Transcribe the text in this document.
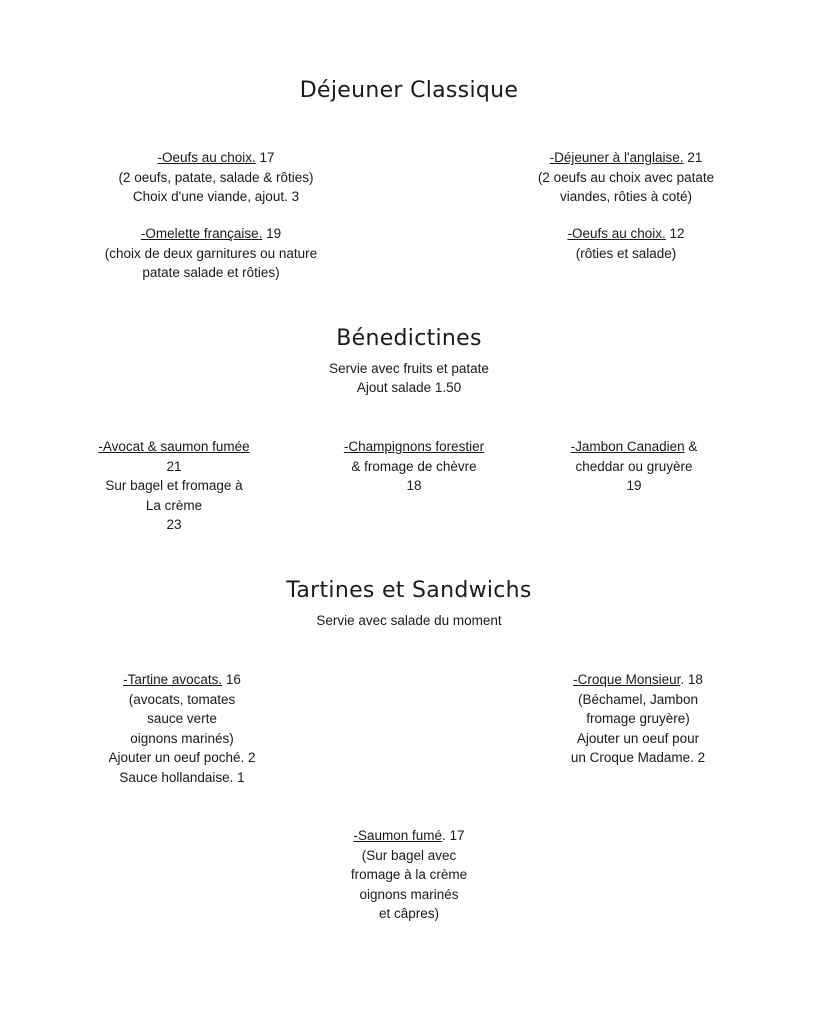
Déjeuner Classique
-Oeufs au choix. 17
(2 oeufs, patate, salade & rôties)
Choix d'une viande, ajout. 3
-Omelette française. 19
(choix de deux garnitures ou nature
patate salade et rôties)
-Déjeuner à l'anglaise. 21
(2 oeufs au choix avec patate
viandes, rôties à coté)
-Oeufs au choix. 12
(rôties et salade)
Bénedictines
Servie avec fruits et patate
Ajout salade 1.50
-Avocat & saumon fumée
21
Sur bagel et fromage à
La crème
23
-Champignons forestier
& fromage de chèvre
18
-Jambon Canadien &
cheddar ou gruyère
19
Tartines et Sandwichs
Servie avec salade du moment
-Tartine avocats. 16
(avocats, tomates
sauce verte
oignons marinés)
Ajouter un oeuf poché. 2
Sauce hollandaise. 1
-Croque Monsieur. 18
(Béchamel, Jambon
fromage gruyère)
Ajouter un oeuf pour
un Croque Madame. 2
-Saumon fumé. 17
(Sur bagel avec
fromage à la crème
oignons marinés
et câpres)
